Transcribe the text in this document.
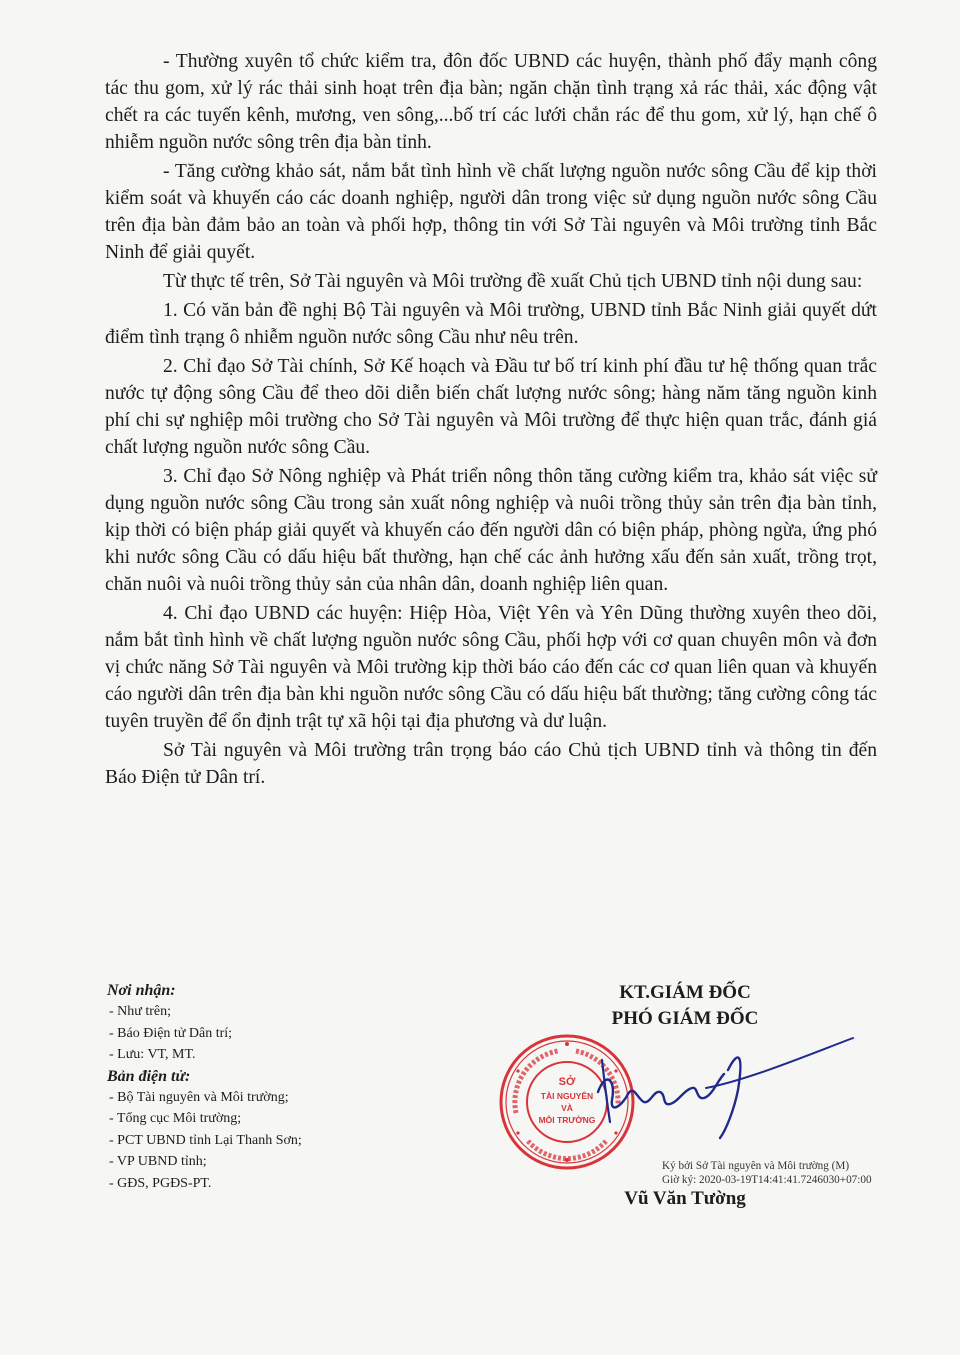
- Thường xuyên tổ chức kiểm tra, đôn đốc UBND các huyện, thành phố đẩy mạnh công tác thu gom, xử lý rác thải sinh hoạt trên địa bàn; ngăn chặn tình trạng xả rác thải, xác động vật chết ra các tuyến kênh, mương, ven sông,...bố trí các lưới chắn rác để thu gom, xử lý, hạn chế ô nhiễm nguồn nước sông trên địa bàn tỉnh.

- Tăng cường khảo sát, nắm bắt tình hình về chất lượng nguồn nước sông Cầu để kịp thời kiểm soát và khuyến cáo các doanh nghiệp, người dân trong việc sử dụng nguồn nước sông Cầu trên địa bàn đảm bảo an toàn và phối hợp, thông tin với Sở Tài nguyên và Môi trường tỉnh Bắc Ninh để giải quyết.

Từ thực tế trên, Sở Tài nguyên và Môi trường đề xuất Chủ tịch UBND tỉnh nội dung sau:

1. Có văn bản đề nghị Bộ Tài nguyên và Môi trường, UBND tỉnh Bắc Ninh giải quyết dứt điểm tình trạng ô nhiễm nguồn nước sông Cầu như nêu trên.

2. Chỉ đạo Sở Tài chính, Sở Kế hoạch và Đầu tư bố trí kinh phí đầu tư hệ thống quan trắc nước tự động sông Cầu để theo dõi diễn biến chất lượng nước sông; hàng năm tăng nguồn kinh phí chi sự nghiệp môi trường cho Sở Tài nguyên và Môi trường để thực hiện quan trắc, đánh giá chất lượng nguồn nước sông Cầu.

3. Chỉ đạo Sở Nông nghiệp và Phát triển nông thôn tăng cường kiểm tra, khảo sát việc sử dụng nguồn nước sông Cầu trong sản xuất nông nghiệp và nuôi trồng thủy sản trên địa bàn tỉnh, kịp thời có biện pháp giải quyết và khuyến cáo đến người dân có biện pháp, phòng ngừa, ứng phó khi nước sông Cầu có dấu hiệu bất thường, hạn chế các ảnh hưởng xấu đến sản xuất, trồng trọt, chăn nuôi và nuôi trồng thủy sản của nhân dân, doanh nghiệp liên quan.

4. Chỉ đạo UBND các huyện: Hiệp Hòa, Việt Yên và Yên Dũng thường xuyên theo dõi, nắm bắt tình hình về chất lượng nguồn nước sông Cầu, phối hợp với cơ quan chuyên môn và đơn vị chức năng Sở Tài nguyên và Môi trường kịp thời báo cáo đến các cơ quan liên quan và khuyến cáo người dân trên địa bàn khi nguồn nước sông Cầu có dấu hiệu bất thường; tăng cường công tác tuyên truyền để ổn định trật tự xã hội tại địa phương và dư luận.

Sở Tài nguyên và Môi trường trân trọng báo cáo Chủ tịch UBND tỉnh và thông tin đến Báo Điện tử Dân trí.

Nơi nhận:
- Như trên;
- Báo Điện tử Dân trí;
- Lưu: VT, MT.
Bản điện tử:
- Bộ Tài nguyên và Môi trường;
- Tổng cục Môi trường;
- PCT UBND tỉnh Lại Thanh Sơn;
- VP UBND tỉnh;
- GĐS, PGĐS-PT.
KT.GIÁM ĐỐC
PHÓ GIÁM ĐỐC
SỞ
TÀI NGUYÊN
VÀ
MÔI TRƯỜNG
Ký bởi Sở Tài nguyên và Môi trường (M)
Giờ ký: 2020-03-19T14:41:41.7246030+07:00
Vũ Văn Tường
